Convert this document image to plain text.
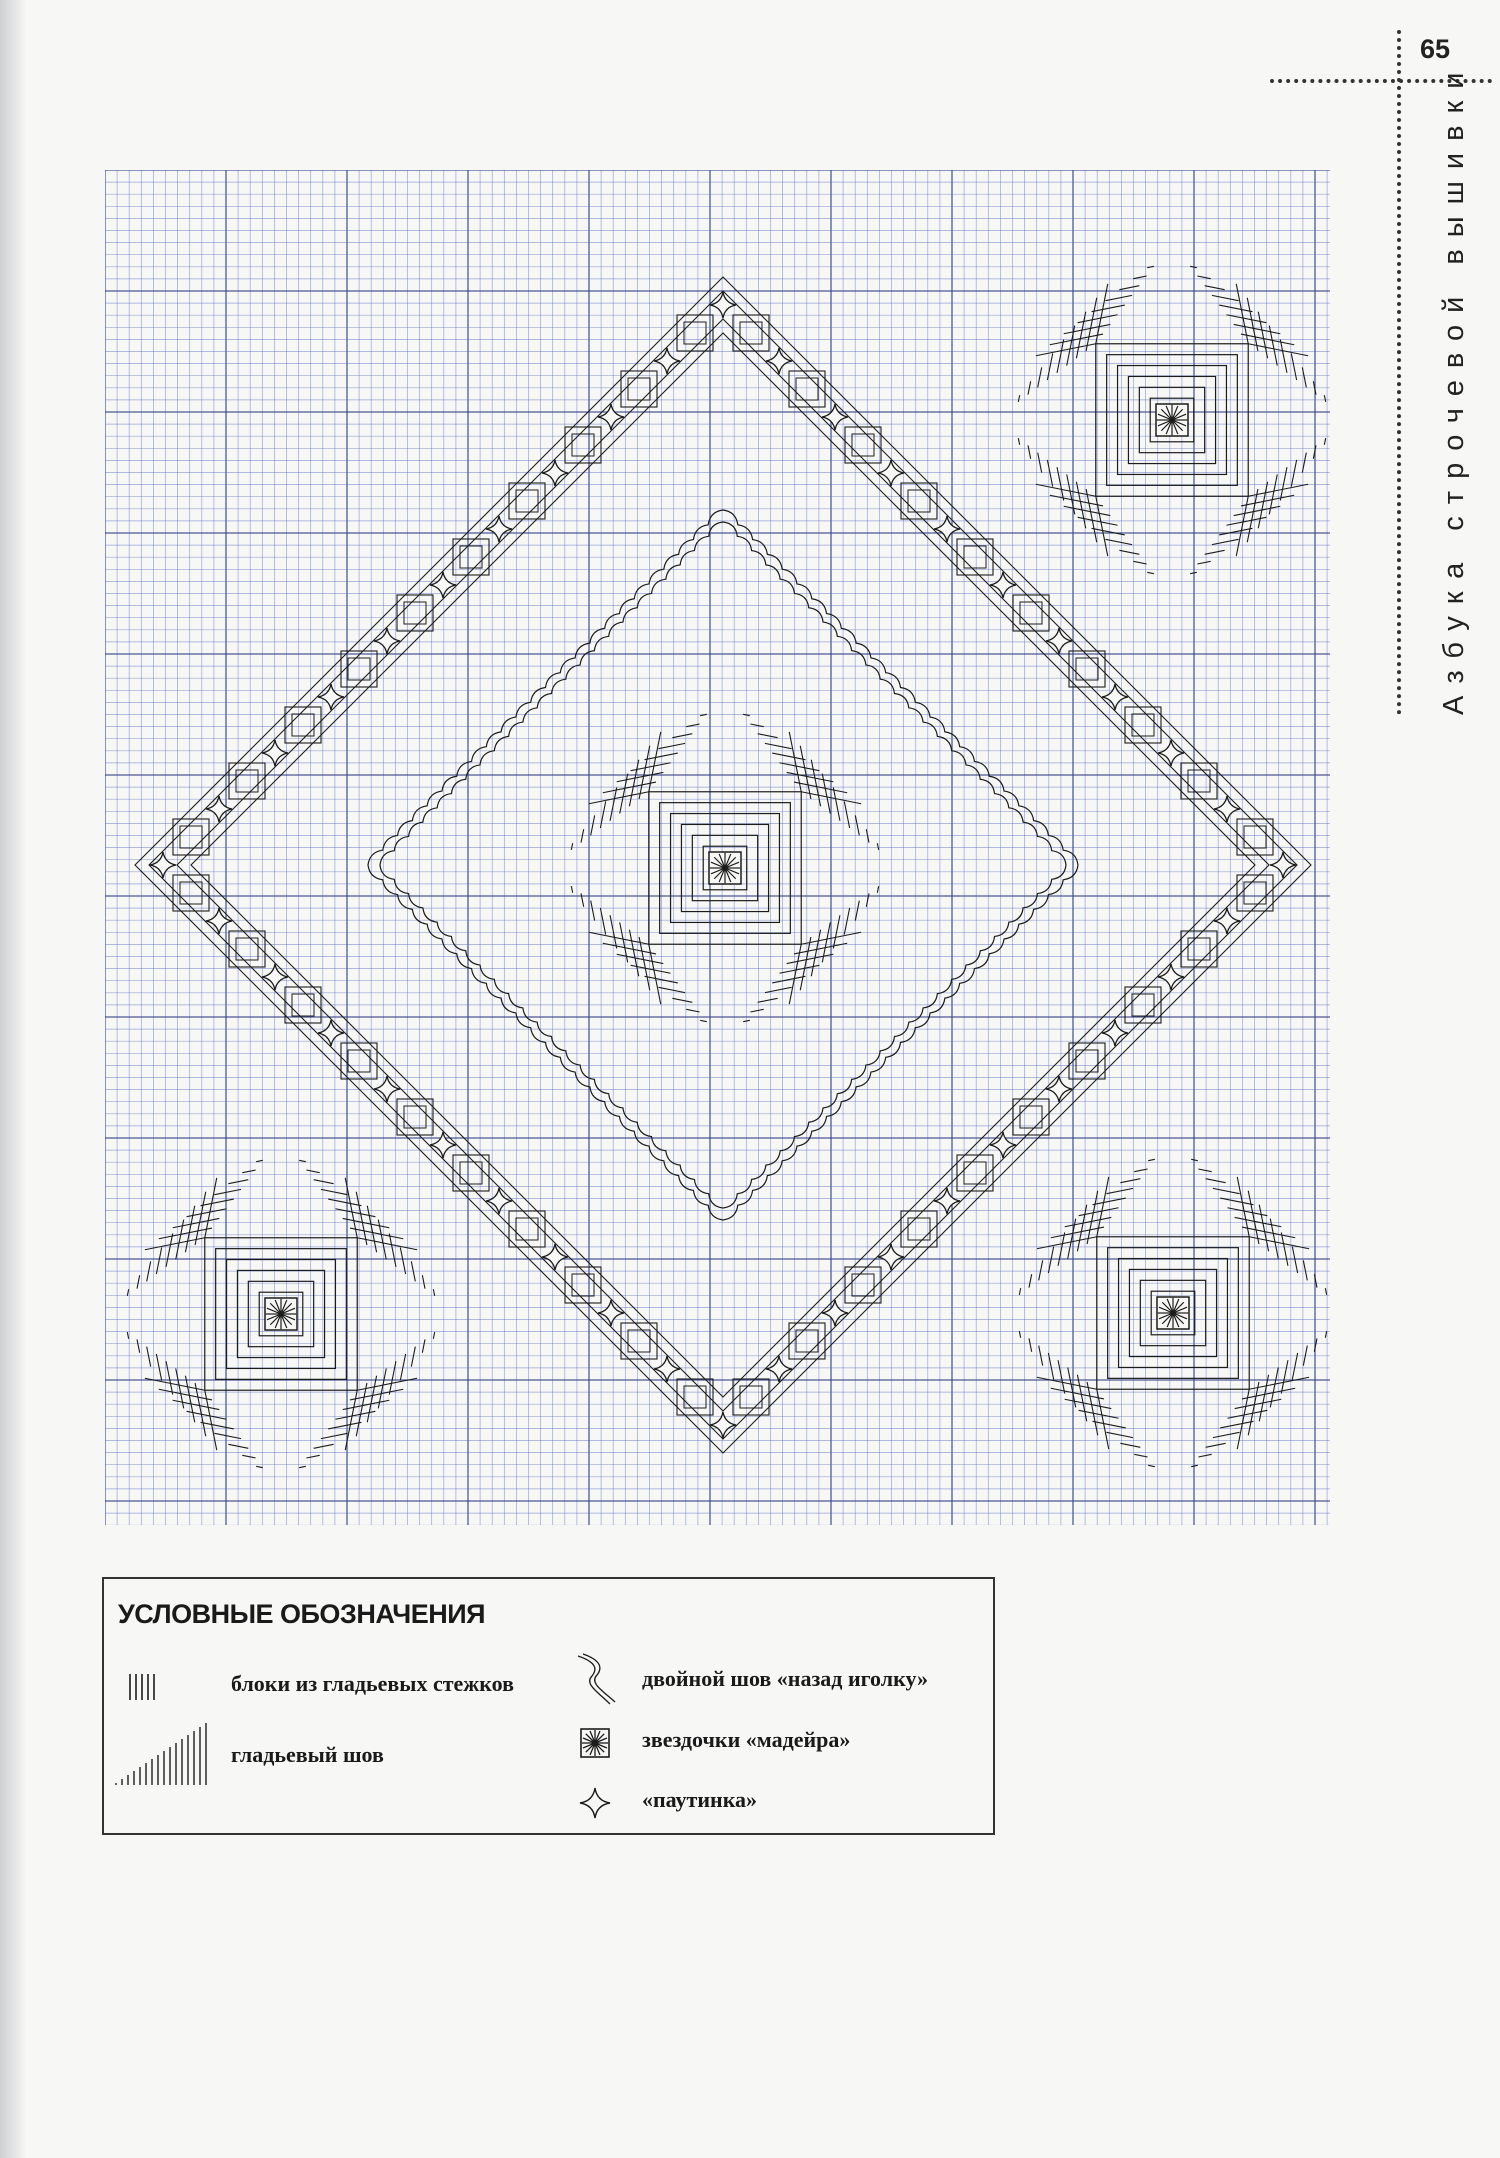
65
Азбука строчевой вышивки
УСЛОВНЫЕ ОБОЗНАЧЕНИЯ
блоки из гладьевых стежков
гладьевый шов
двойной шов «назад иголку»
звездочки «мадейра»
«паутинка»
